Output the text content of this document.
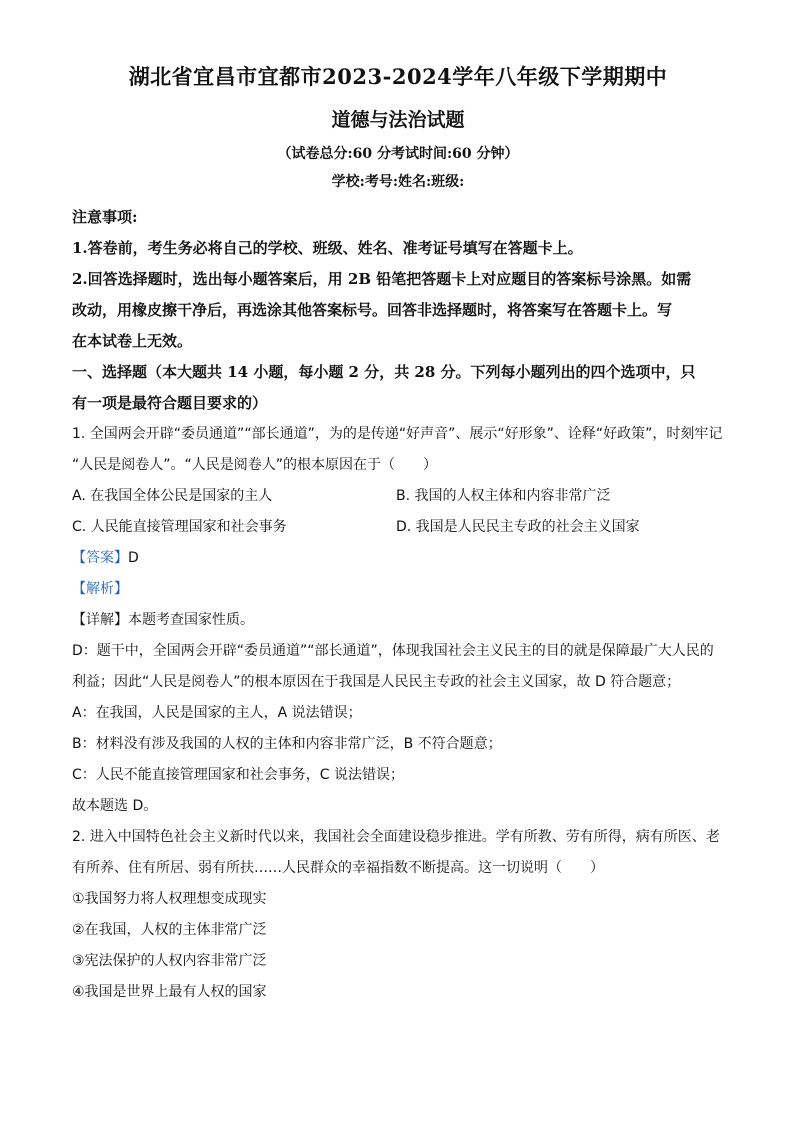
湖北省宜昌市宜都市2023-2024学年八年级下学期期中
道德与法治试题
（试卷总分:60 分考试时间:60 分钟）
学校:考号:姓名:班级:

注意事项:

1.答卷前，考生务必将自己的学校、班级、姓名、准考证号填写在答题卡上。

2.回答选择题时，选出每小题答案后，用 2B 铅笔把答题卡上对应题目的答案标号涂黑。如需

改动，用橡皮擦干净后，再选涂其他答案标号。回答非选择题时，将答案写在答题卡上。写

在本试卷上无效。

一、选择题（本大题共 14 小题，每小题 2 分，共 28 分。下列每小题列出的四个选项中，只

有一项是最符合题目要求的）

1. 全国两会开辟“委员通道”“部长通道”，为的是传递“好声音”、展示“好形象”、诠释“好政策”，时刻牢记

“人民是阅卷人”。“人民是阅卷人”的根本原因在于（　　）

A. 在我国全体公民是国家的主人	B. 我国的人权主体和内容非常广泛
C. 人民能直接管理国家和社会事务	D. 我国是人民民主专政的社会主义国家

【答案】D

【解析】

【详解】本题考查国家性质。

D：题干中，全国两会开辟“委员通道”“部长通道”，体现我国社会主义民主的目的就是保障最广大人民的

利益；因此“人民是阅卷人”的根本原因在于我国是人民民主专政的社会主义国家，故 D 符合题意；

A：在我国，人民是国家的主人，A 说法错误；

B：材料没有涉及我国的人权的主体和内容非常广泛，B 不符合题意；

C：人民不能直接管理国家和社会事务，C 说法错误；

故本题选 D。

2. 进入中国特色社会主义新时代以来，我国社会全面建设稳步推进。学有所教、劳有所得，病有所医、老

有所养、住有所居、弱有所扶……人民群众的幸福指数不断提高。这一切说明（　　）

①我国努力将人权理想变成现实

②在我国，人权的主体非常广泛

③宪法保护的人权内容非常广泛

④我国是世界上最有人权的国家
